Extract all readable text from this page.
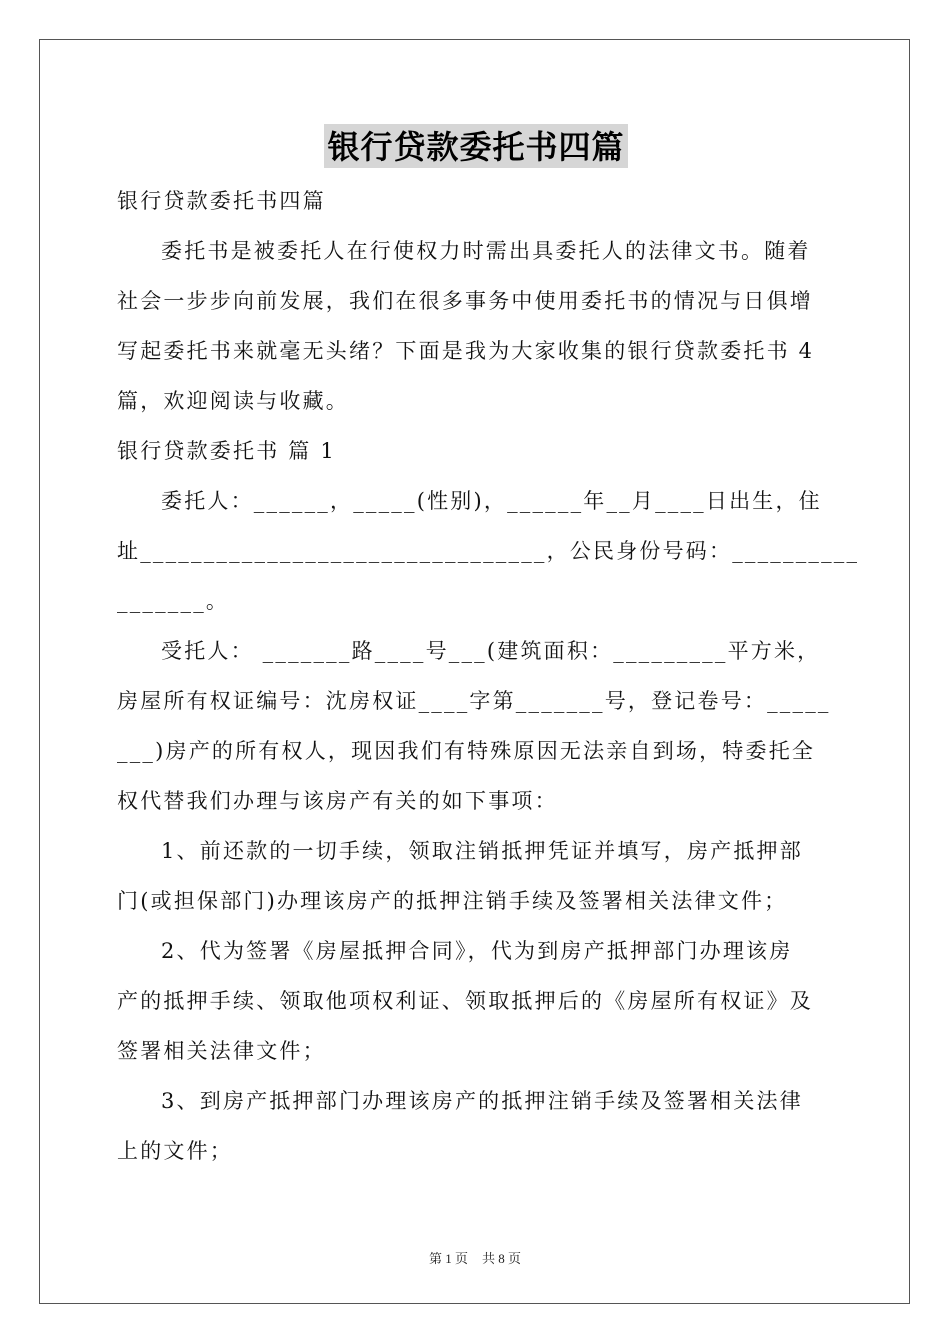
银行贷款委托书四篇
银行贷款委托书四篇
委托书是被委托人在行使权力时需出具委托人的法律文书。随着
社会一步步向前发展，我们在很多事务中使用委托书的情况与日俱增
写起委托书来就毫无头绪？下面是我为大家收集的银行贷款委托书 4
篇，欢迎阅读与收藏。
银行贷款委托书 篇 1
委托人：______，_____(性别)，______年__月____日出生，住
址________________________________，公民身份号码：__________
_______。
受托人： _______路____号___(建筑面积：_________平方米，
房屋所有权证编号：沈房权证____字第_______号，登记卷号：_____
___)房产的所有权人，现因我们有特殊原因无法亲自到场，特委托全
权代替我们办理与该房产有关的如下事项：
1、前还款的一切手续，领取注销抵押凭证并填写，房产抵押部
门(或担保部门)办理该房产的抵押注销手续及签署相关法律文件；
2、代为签署《房屋抵押合同》，代为到房产抵押部门办理该房
产的抵押手续、领取他项权利证、领取抵押后的《房屋所有权证》及
签署相关法律文件；
3、到房产抵押部门办理该房产的抵押注销手续及签署相关法律
上的文件；
第 1 页 共 8 页
